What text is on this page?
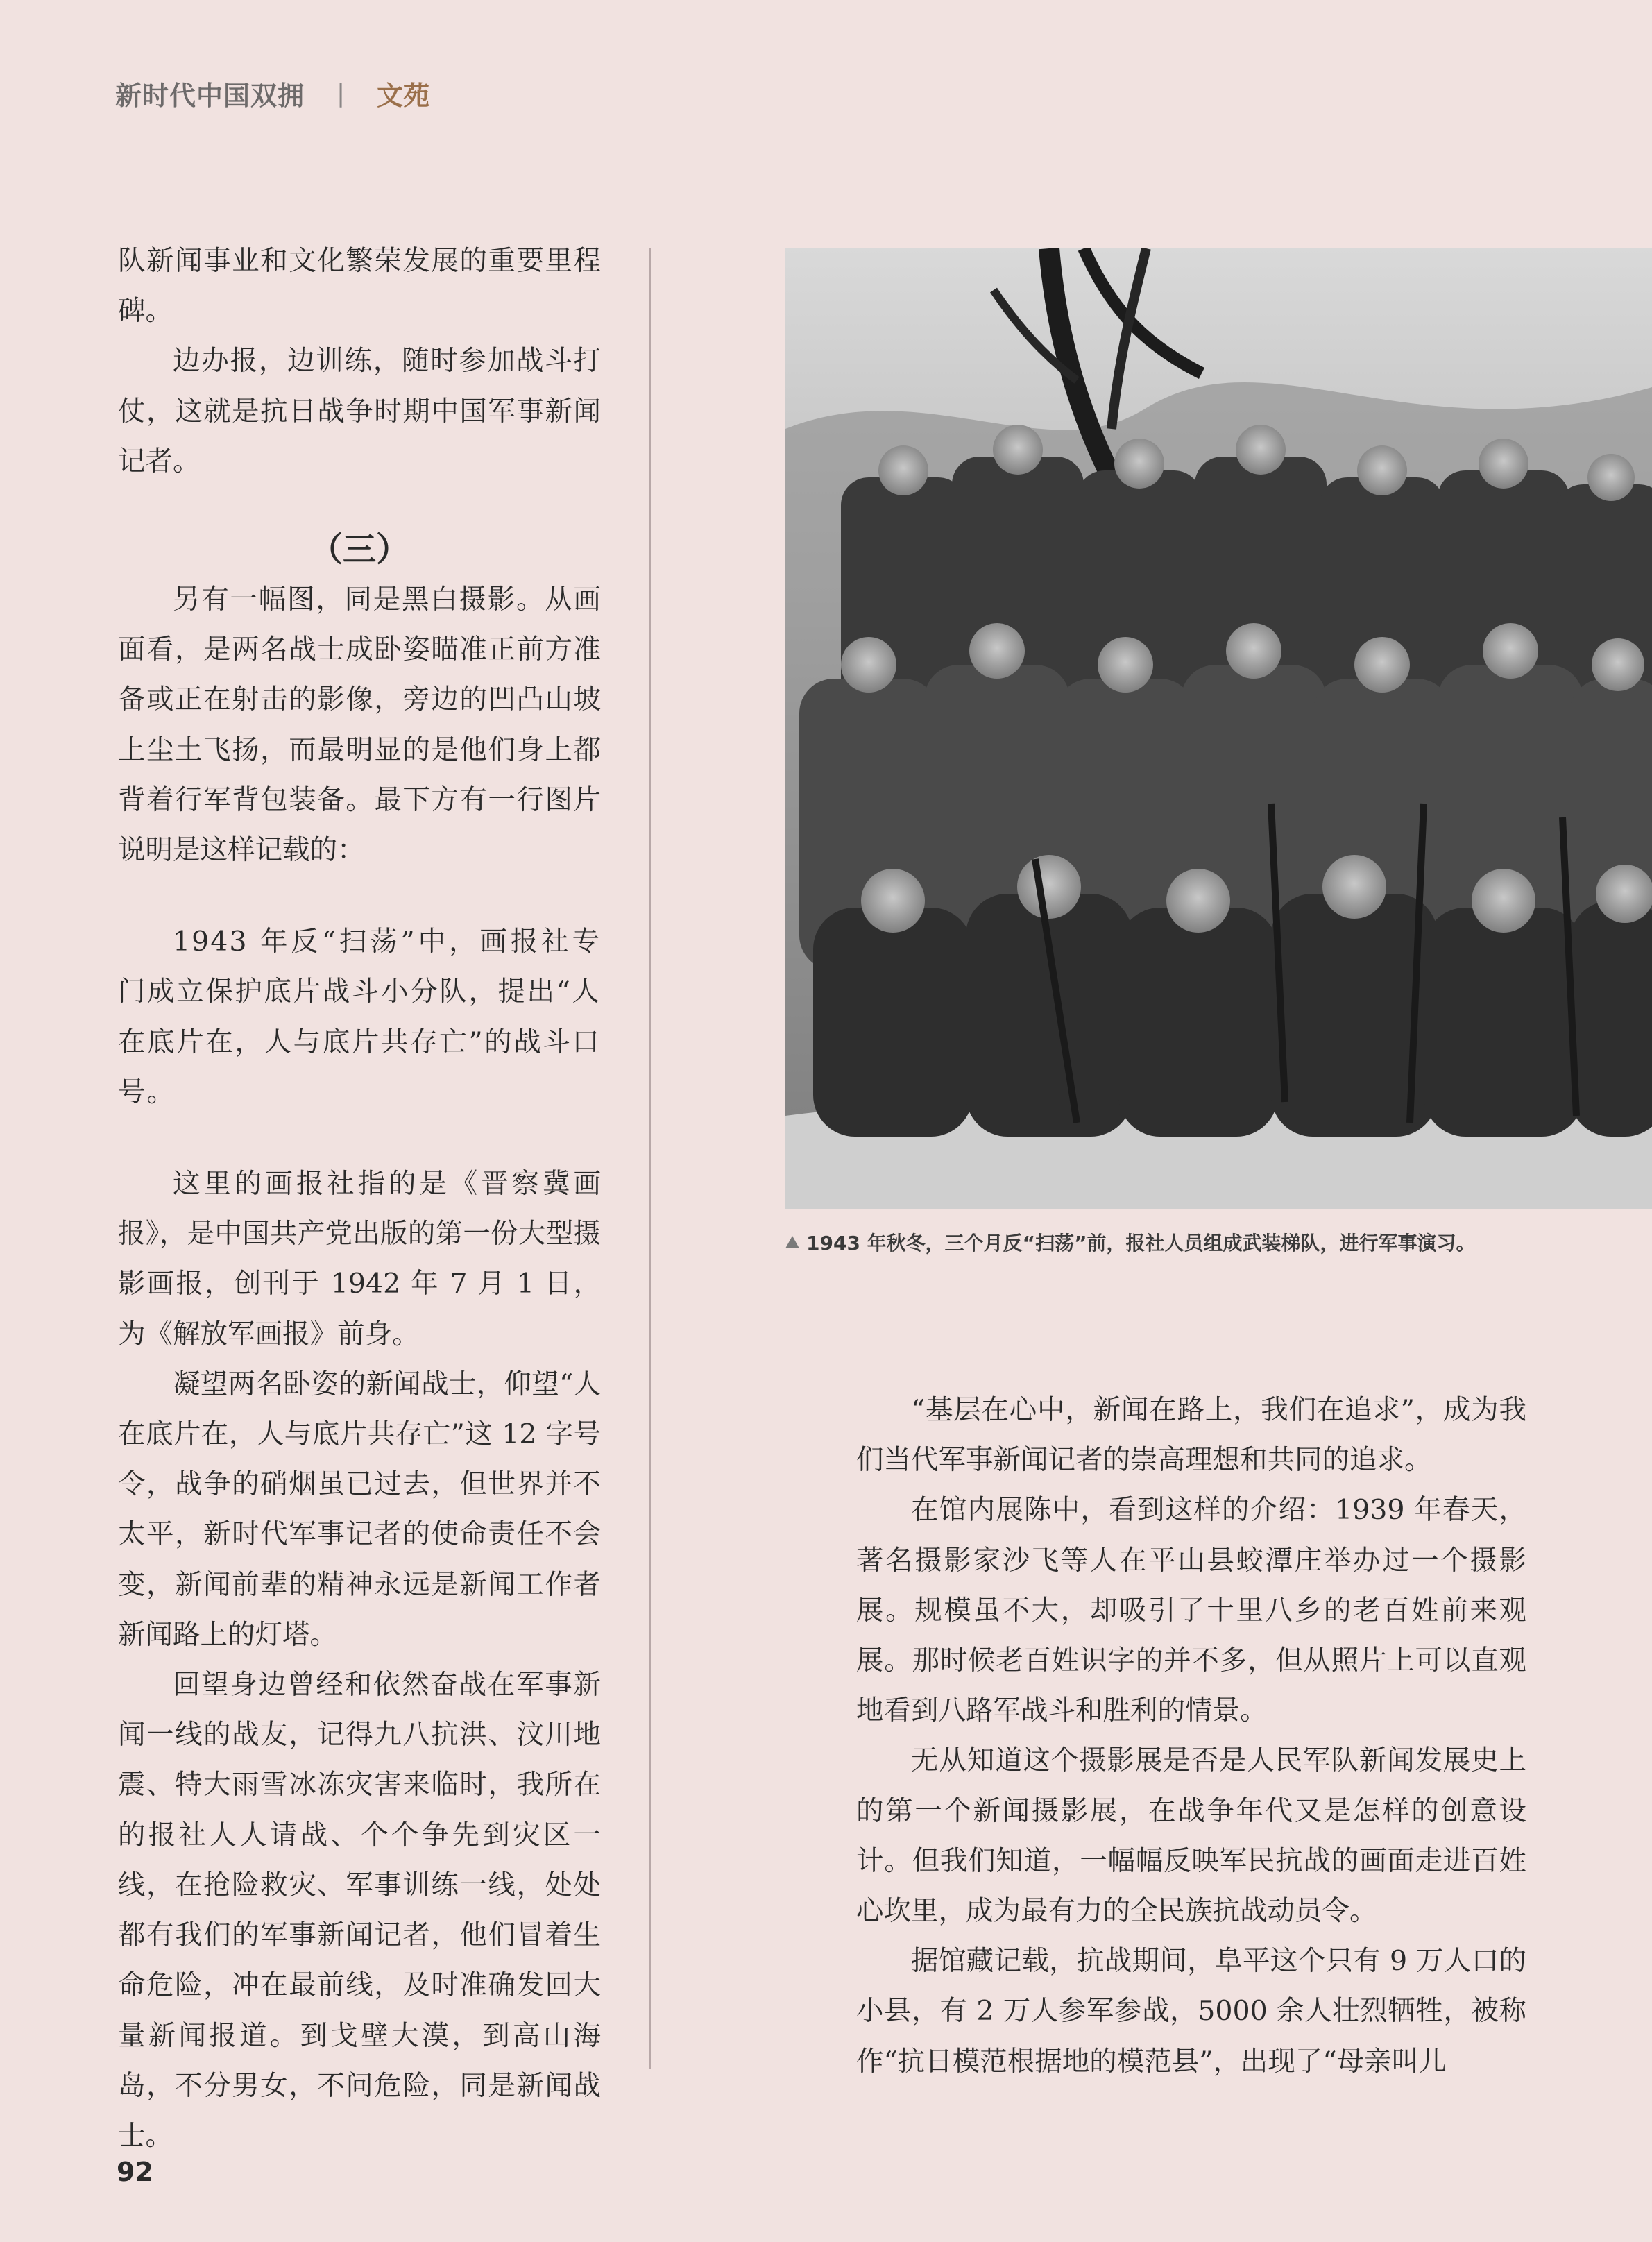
新时代中国双拥 | 文苑

队新闻事业和文化繁荣发展的重要里程碑。

边办报，边训练，随时参加战斗打仗，这就是抗日战争时期中国军事新闻记者。

（三）

另有一幅图，同是黑白摄影。从画面看，是两名战士成卧姿瞄准正前方准备或正在射击的影像，旁边的凹凸山坡上尘土飞扬，而最明显的是他们身上都背着行军背包装备。最下方有一行图片说明是这样记载的：

1943 年反“扫荡”中，画报社专门成立保护底片战斗小分队，提出“人在底片在，人与底片共存亡”的战斗口号。

这里的画报社指的是《晋察冀画报》，是中国共产党出版的第一份大型摄影画报，创刊于 1942 年 7 月 1 日，为《解放军画报》前身。

凝望两名卧姿的新闻战士，仰望“人在底片在，人与底片共存亡”这 12 字号令，战争的硝烟虽已过去，但世界并不太平，新时代军事记者的使命责任不会变，新闻前辈的精神永远是新闻工作者新闻路上的灯塔。

回望身边曾经和依然奋战在军事新闻一线的战友，记得九八抗洪、汶川地震、特大雨雪冰冻灾害来临时，我所在的报社人人请战、个个争先到灾区一线，在抢险救灾、军事训练一线，处处都有我们的军事新闻记者，他们冒着生命危险，冲在最前线，及时准确发回大量新闻报道。到戈壁大漠，到高山海岛，不分男女，不问危险，同是新闻战士。

1943 年秋冬，三个月反“扫荡”前，报社人员组成武装梯队，进行军事演习。

“基层在心中，新闻在路上，我们在追求”，成为我们当代军事新闻记者的崇高理想和共同的追求。

在馆内展陈中，看到这样的介绍：1939 年春天，著名摄影家沙飞等人在平山县蛟潭庄举办过一个摄影展。规模虽不大，却吸引了十里八乡的老百姓前来观展。那时候老百姓识字的并不多，但从照片上可以直观地看到八路军战斗和胜利的情景。

无从知道这个摄影展是否是人民军队新闻发展史上的第一个新闻摄影展，在战争年代又是怎样的创意设计。但我们知道，一幅幅反映军民抗战的画面走进百姓心坎里，成为最有力的全民族抗战动员令。

据馆藏记载，抗战期间，阜平这个只有 9 万人口的小县，有 2 万人参军参战，5000 余人壮烈牺牲，被称作“抗日模范根据地的模范县”，出现了“母亲叫儿

92
